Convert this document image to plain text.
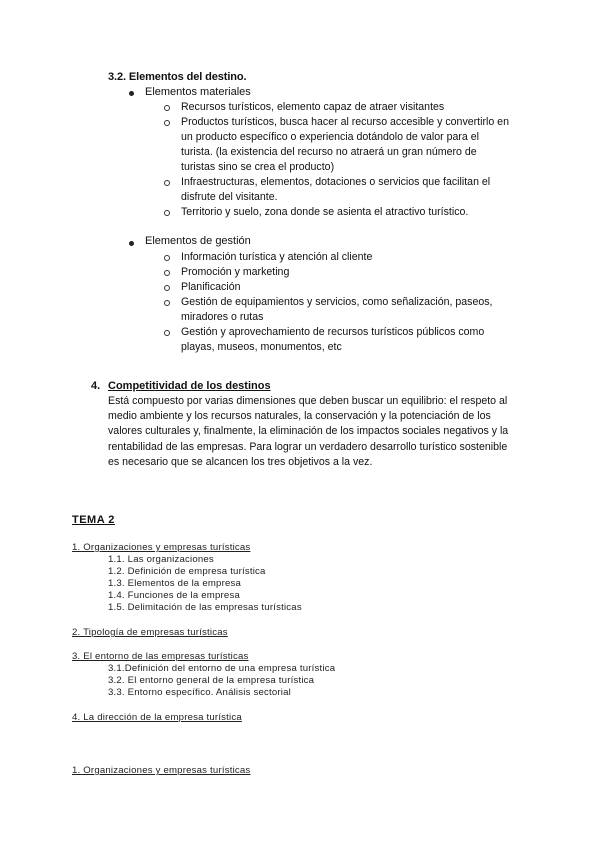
3.2. Elementos del destino.
Elementos materiales
Recursos turísticos, elemento capaz de atraer visitantes
Productos turísticos, busca hacer al recurso accesible y convertirlo en
un producto específico o experiencia dotándolo de valor para el
turista. (la existencia del recurso no atraerá un gran número de
turistas sino se crea el producto)
Infraestructuras, elementos, dotaciones o servicios que facilitan el
disfrute del visitante.
Territorio y suelo, zona donde se asienta el atractivo turístico.
Elementos de gestión
Información turística y atención al cliente
Promoción y marketing
Planificación
Gestión de equipamientos y servicios, como señalización, paseos,
miradores o rutas
Gestión y aprovechamiento de recursos turísticos públicos como
playas, museos, monumentos, etc
4. Competitividad de los destinos
Está compuesto por varias dimensiones que deben buscar un equilibrio: el respeto al
medio ambiente y los recursos naturales, la conservación y la potenciación de los
valores culturales y, finalmente, la eliminación de los impactos sociales negativos y la
rentabilidad de las empresas. Para lograr un verdadero desarrollo turístico sostenible
es necesario que se alcancen los tres objetivos a la vez.
TEMA 2
1. Organizaciones y empresas turísticas
1.1. Las organizaciones
1.2. Definición de empresa turística
1.3. Elementos de la empresa
1.4. Funciones de la empresa
1.5. Delimitación de las empresas turísticas
2. Tipología de empresas turísticas
3. El entorno de las empresas turísticas
3.1.Definición del entorno de una empresa turística
3.2. El entorno general de la empresa turística
3.3. Entorno específico. Análisis sectorial
4. La dirección de la empresa turística
1. Organizaciones y empresas turísticas
